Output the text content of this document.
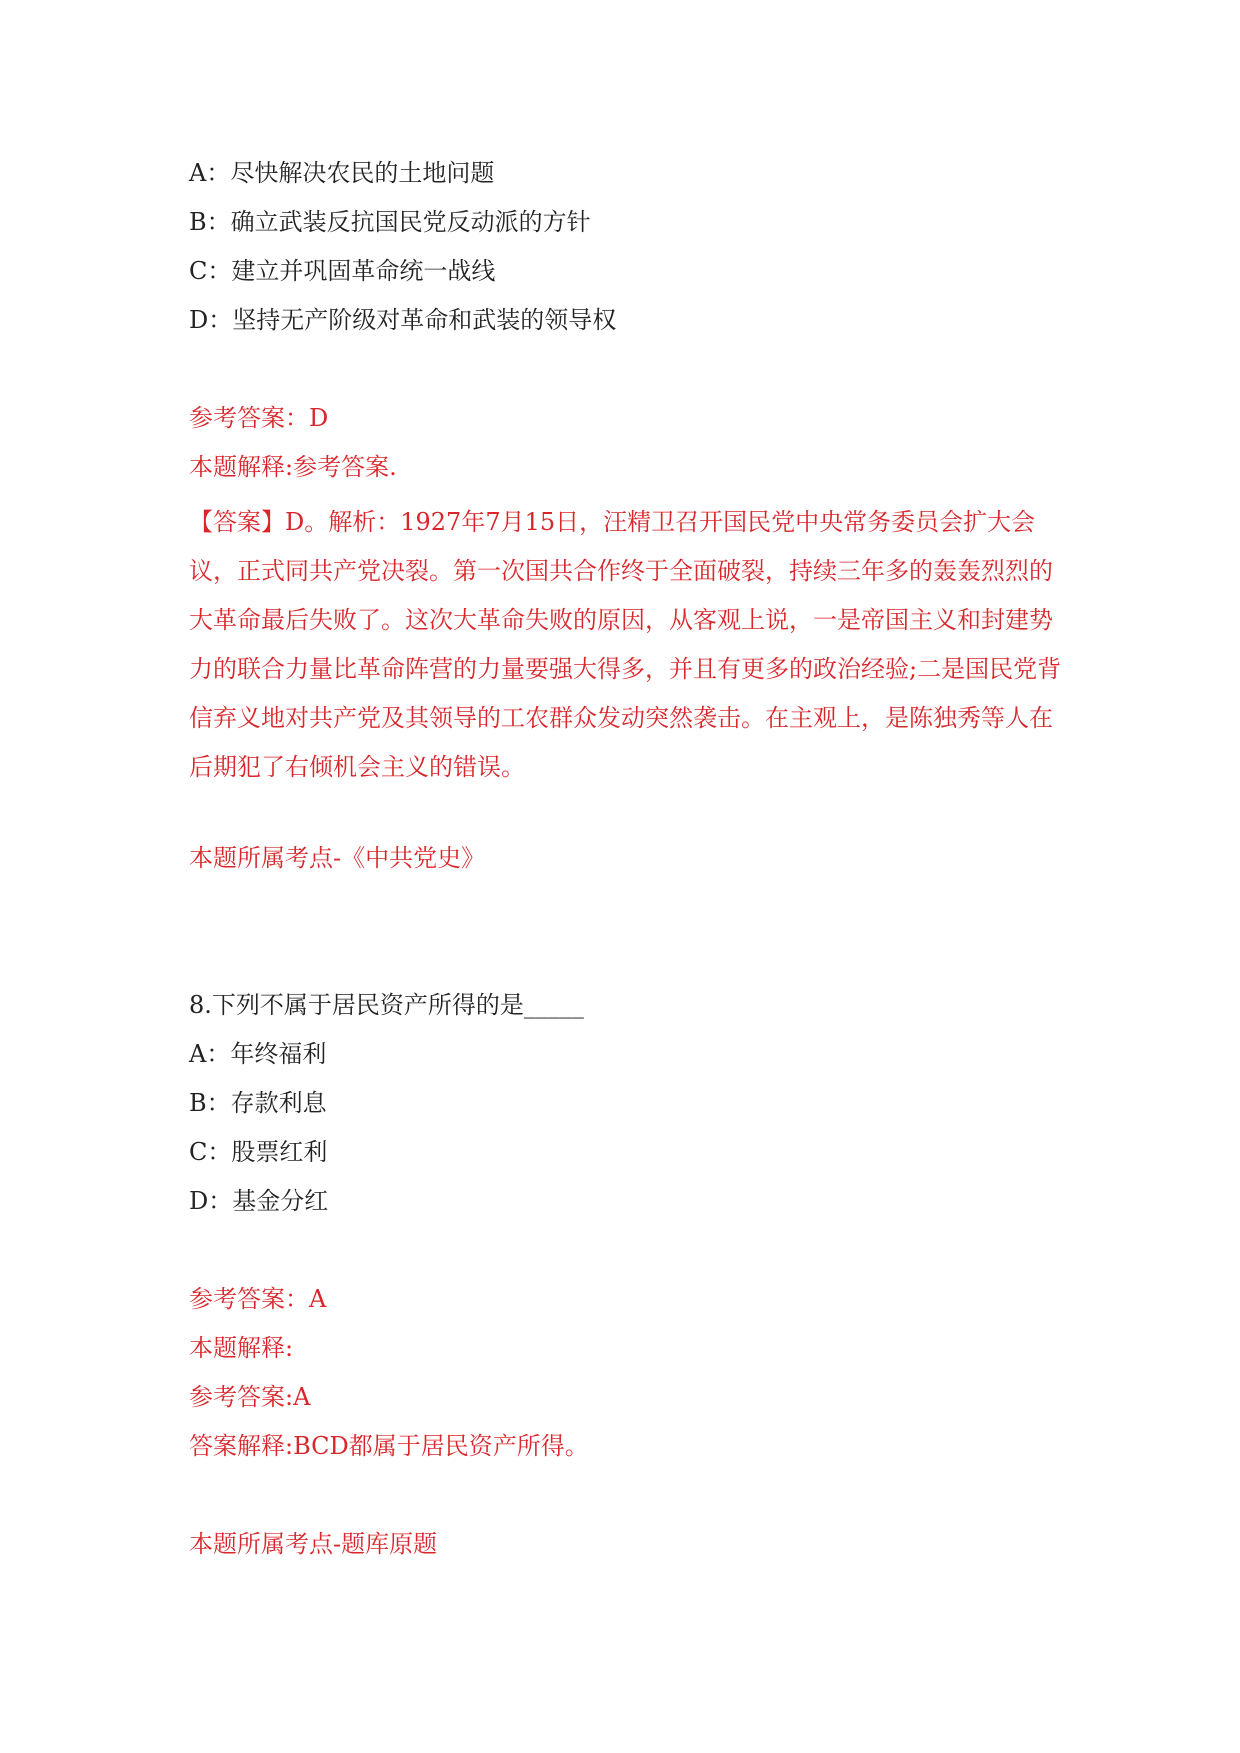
A：尽快解决农民的土地问题
B：确立武装反抗国民党反动派的方针
C：建立并巩固革命统一战线
D：坚持无产阶级对革命和武装的领导权
参考答案：D
本题解释:参考答案.
【答案】D。解析：1927年7月15日，汪精卫召开国民党中央常务委员会扩大会议，正式同共产党决裂。第一次国共合作终于全面破裂，持续三年多的轰轰烈烈的大革命最后失败了。这次大革命失败的原因，从客观上说，一是帝国主义和封建势力的联合力量比革命阵营的力量要强大得多，并且有更多的政治经验;二是国民党背信弃义地对共产党及其领导的工农群众发动突然袭击。在主观上，是陈独秀等人在后期犯了右倾机会主义的错误。
本题所属考点-《中共党史》
8.下列不属于居民资产所得的是_____
A：年终福利
B：存款利息
C：股票红利
D：基金分红
参考答案：A
本题解释:
参考答案:A
答案解释:BCD都属于居民资产所得。
本题所属考点-题库原题
